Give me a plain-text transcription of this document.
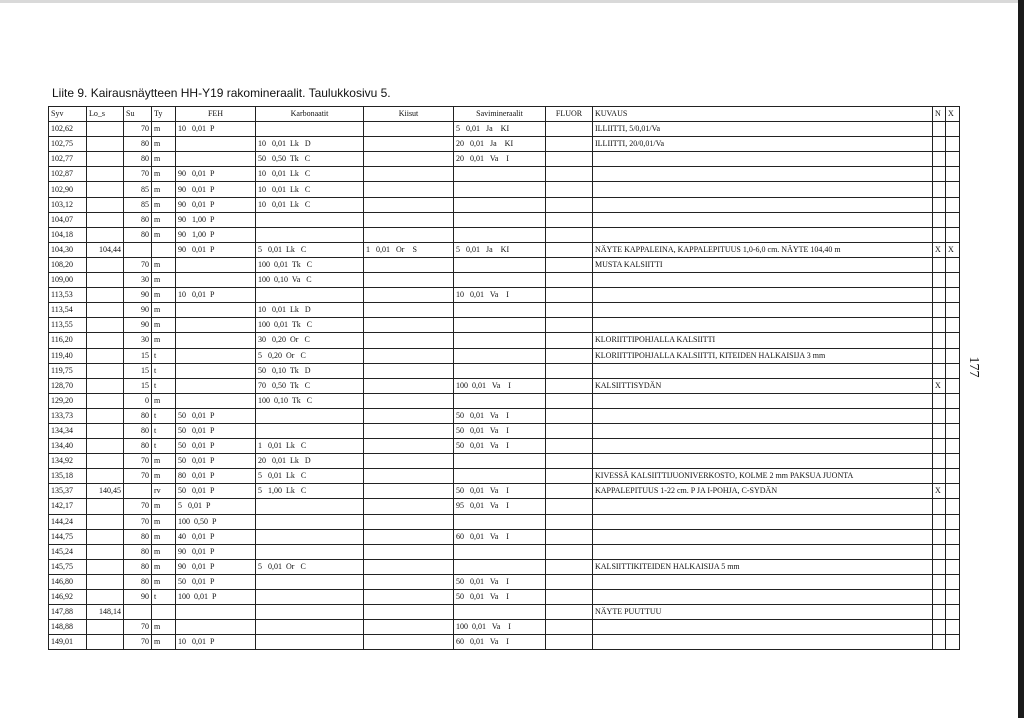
Liite 9. Kairausnäytteen HH-Y19 rakomineraalit. Taulukkosivu 5.
177
Syv	Lo_s	Su	Ty	FEH	Karbonaatit	Kiisut	Savimineraalit	FLUOR	KUVAUS	N	X
102,62		70	m	10   0,01  P			5   0,01   Ja    KI		ILLIITTI, 5/0,01/Va		
102,75		80	m		10   0,01  Lk   D		20   0,01   Ja    KI		ILLIITTI, 20/0,01/Va		
102,77		80	m		50   0,50  Tk   C		20   0,01   Va    I				
102,87		70	m	90   0,01  P	10   0,01  Lk   C						
102,90		85	m	90   0,01  P	10   0,01  Lk   C						
103,12		85	m	90   0,01  P	10   0,01  Lk   C						
104,07		80	m	90   1,00  P							
104,18		80	m	90   1,00  P							
104,30	104,44			90   0,01  P	5   0,01  Lk   C	1   0,01   Or    S	5   0,01   Ja    KI		NÄYTE KAPPALEINA, KAPPALEPITUUS 1,0-6,0 cm. NÄYTE 104,40 m	X	X
108,20		70	m		100  0,01  Tk   C				MUSTA KALSIITTI		
109,00		30	m		100  0,10  Va   C						
113,53		90	m	10   0,01  P			10   0,01   Va    I				
113,54		90	m		10   0,01  Lk   D						
113,55		90	m		100  0,01  Tk   C						
116,20		30	m		30   0,20  Or   C				KLORIITTIPOHJALLA KALSIITTI		
119,40		15	t		5   0,20  Or   C				KLORIITTIPOHJALLA KALSIITTI, KITEIDEN HALKAISIJA 3 mm		
119,75		15	t		50   0,10  Tk   D						
128,70		15	t		70   0,50  Tk   C		100  0,01   Va    I		KALSIITTISYDÄN	X	
129,20		0	m		100  0,10  Tk   C						
133,73		80	t	50   0,01  P			50   0,01   Va    I				
134,34		80	t	50   0,01  P			50   0,01   Va    I				
134,40		80	t	50   0,01  P	1   0,01  Lk   C		50   0,01   Va    I				
134,92		70	m	50   0,01  P	20   0,01  Lk   D						
135,18		70	m	80   0,01  P	5   0,01  Lk   C				KIVESSÄ KALSIITTIJUONIVERKOSTO, KOLME 2 mm PAKSUA JUONTA		
135,37	140,45		rv	50   0,01  P	5   1,00  Lk   C		50   0,01   Va    I		KAPPALEPITUUS 1-22 cm. P JA I-POHJA, C-SYDÄN	X	
142,17		70	m	5   0,01  P			95   0,01   Va    I				
144,24		70	m	100  0,50  P							
144,75		80	m	40   0,01  P			60   0,01   Va    I				
145,24		80	m	90   0,01  P							
145,75		80	m	90   0,01  P	5   0,01  Or   C				KALSIITTIKITEIDEN HALKAISIJA 5 mm		
146,80		80	m	50   0,01  P			50   0,01   Va    I				
146,92		90	t	100  0,01  P			50   0,01   Va    I				
147,88	148,14								NÄYTE PUUTTUU		
148,88		70	m				100  0,01   Va    I				
149,01		70	m	10   0,01  P			60   0,01   Va    I				
